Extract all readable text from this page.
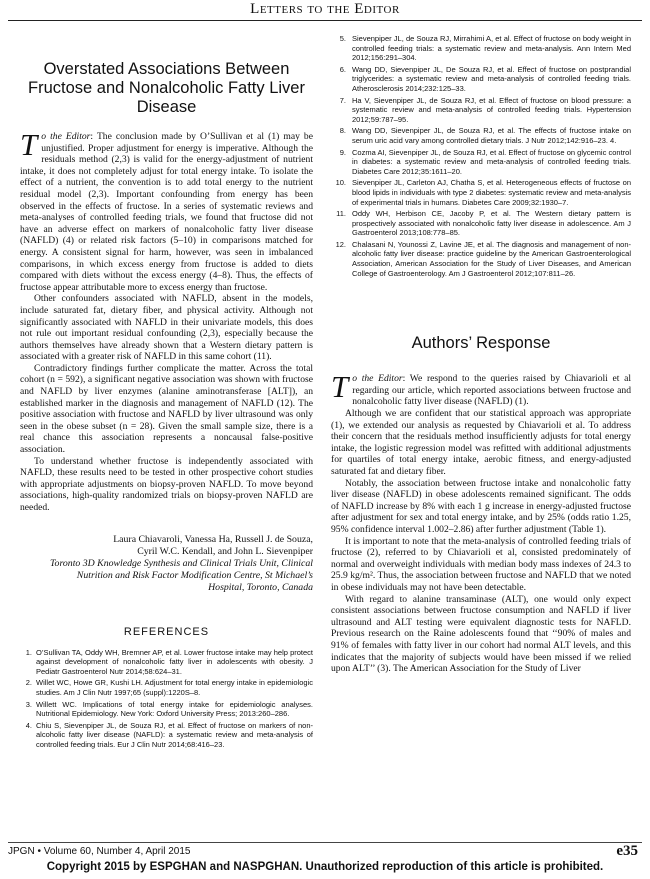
Letters to the Editor
Overstated Associations Between Fructose and Nonalcoholic Fatty Liver Disease

To the Editor: The conclusion made by O’Sullivan et al (1) may be unjustified. Proper adjustment for energy is imperative. Although the residuals method (2,3) is valid for the energy-adjustment of nutrient intake, it does not completely adjust for total energy intake. To isolate the effect of a nutrient, the convention is to add total energy to the nutrient residual model (2,3). Important confounding from energy has been observed in the effects of fructose. In a series of systematic reviews and meta-analyses of controlled feeding trials, we found that fructose did not have an adverse effect on markers of nonalcoholic fatty liver disease (NAFLD) (4) or related risk factors (5–10) in comparisons matched for energy. A consistent signal for harm, however, was seen in imbalanced comparisons, in which excess energy from fructose is added to diets compared with diets without the excess energy (4–8). Thus, the effects of fructose appear attributable more to excess energy than fructose.

Other confounders associated with NAFLD, absent in the models, include saturated fat, dietary fiber, and physical activity. Although not significantly associated with NAFLD in their univariate models, this does not rule out important residual confounding (2,3), especially because the authors themselves have already shown that a Western dietary pattern is associated with a greater risk of NAFLD in this same cohort (11).

Contradictory findings further complicate the matter. Across the total cohort (n = 592), a significant negative association was shown with fructose and NAFLD by liver enzymes (alanine aminotransferase [ALT]), an established marker in the diagnosis and management of NAFLD (12). The positive association with fructose and NAFLD by liver ultrasound was only seen in the obese subset (n = 28). Given the small sample size, there is a real chance this association represents a noncausal false-positive association.

To understand whether fructose is independently associated with NAFLD, these results need to be tested in other prospective cohort studies with appropriate adjustments on biopsy-proven NAFLD. To move beyond associations, high-quality randomized trials on biopsy-proven NAFLD are needed.

Laura Chiavaroli, Vanessa Ha, Russell J. de Souza,
Cyril W.C. Kendall, and John L. Sievenpiper
Toronto 3D Knowledge Synthesis and Clinical Trials Unit, Clinical
Nutrition and Risk Factor Modification Centre, St Michael’s
Hospital, Toronto, Canada
REFERENCES
1. O’Sullivan TA, Oddy WH, Bremner AP, et al. Lower fructose intake may help protect against development of nonalcoholic fatty liver in adolescents with obesity. J Pediatr Gastroenterol Nutr 2014;58:624–31.
2. Willet WC, Howe GR, Kushi LH. Adjustment for total energy intake in epidemiologic studies. Am J Clin Nutr 1997;65 (suppl):1220S–8.
3. Willett WC. Implications of total energy intake for epidemiologic analyses. Nutritional Epidemiology. New York: Oxford University Press; 2013:260–286.
4. Chiu S, Sievenpiper JL, de Souza RJ, et al. Effect of fructose on markers of non-alcoholic fatty liver disease (NAFLD): a systematic review and meta-analysis of controlled feeding trials. Eur J Clin Nutr 2014;68:416–23.
5. Sievenpiper JL, de Souza RJ, Mirrahimi A, et al. Effect of fructose on body weight in controlled feeding trials: a systematic review and meta-analysis. Ann Intern Med 2012;156:291–304.
6. Wang DD, Sievenpiper JL, De Souza RJ, et al. Effect of fructose on postprandial triglycerides: a systematic review and meta-analysis of controlled feeding trials. Atherosclerosis 2014;232:125–33.
7. Ha V, Sievenpiper JL, de Souza RJ, et al. Effect of fructose on blood pressure: a systematic review and meta-analysis of controlled feeding trials. Hypertension 2012;59:787–95.
8. Wang DD, Sievenpiper JL, de Souza RJ, et al. The effects of fructose intake on serum uric acid vary among controlled dietary trials. J Nutr 2012;142:916–23. 4.
9. Cozma AI, Sievenpiper JL, de Souza RJ, et al. Effect of fructose on glycemic control in diabetes: a systematic review and meta-analysis of controlled feeding trials. Diabetes Care 2012;35:1611–20.
10. Sievenpiper JL, Carleton AJ, Chatha S, et al. Heterogeneous effects of fructose on blood lipids in individuals with type 2 diabetes: systematic review and meta-analysis of experimental trials in humans. Diabetes Care 2009;32:1930–7.
11. Oddy WH, Herbison CE, Jacoby P, et al. The Western dietary pattern is prospectively associated with nonalcoholic fatty liver disease in adolescence. Am J Gastroenterol 2013;108:778–85.
12. Chalasani N, Younossi Z, Lavine JE, et al. The diagnosis and management of non-alcoholic fatty liver disease: practice guideline by the American Gastroenterological Association, American Association for the Study of Liver Diseases, and American College of Gastroenterology. Am J Gastroenterol 2012;107:811–26.
Authors’ Response

To the Editor: We respond to the queries raised by Chiavarioli et al regarding our article, which reported associations between fructose and nonalcoholic fatty liver disease (NAFLD) (1).

Although we are confident that our statistical approach was appropriate (1), we extended our analysis as requested by Chiavarioli et al. To address their concern that the residuals method insufficiently adjusts for total energy intake, the logistic regression model was refitted with additional adjustments for quartiles of total energy intake, aerobic fitness, and energy-adjusted saturated fat and dietary fiber.

Notably, the association between fructose intake and nonalcoholic fatty liver disease (NAFLD) in obese adolescents remained significant. The odds of NAFLD increase by 8% with each 1 g increase in energy-adjusted fructose after adjustment for sex and total energy intake, and by 25% (odds ratio 1.25, 95% confidence interval 1.002–2.86) after further adjustment (Table 1).

It is important to note that the meta-analysis of controlled feeding trials of fructose (2), referred to by Chiavarioli et al, consisted predominately of normal and overweight individuals with median body mass indexes of 24.3 to 25.9 kg/m². Thus, the association between fructose and NAFLD that we noted in obese individuals may not have been detectable.

With regard to alanine transaminase (ALT), one would only expect consistent associations between fructose consumption and NAFLD if liver ultrasound and ALT testing were equivalent diagnostic tests for NAFLD. Previous research on the Raine adolescents found that ‘‘90% of males and 91% of females with fatty liver in our cohort had normal ALT levels, and this indicates that the majority of subjects would have been missed if we relied upon ALT’’ (3). The American Association for the Study of Liver

JPGN • Volume 60, Number 4, April 2015	e35
Copyright 2015 by ESPGHAN and NASPGHAN. Unauthorized reproduction of this article is prohibited.
